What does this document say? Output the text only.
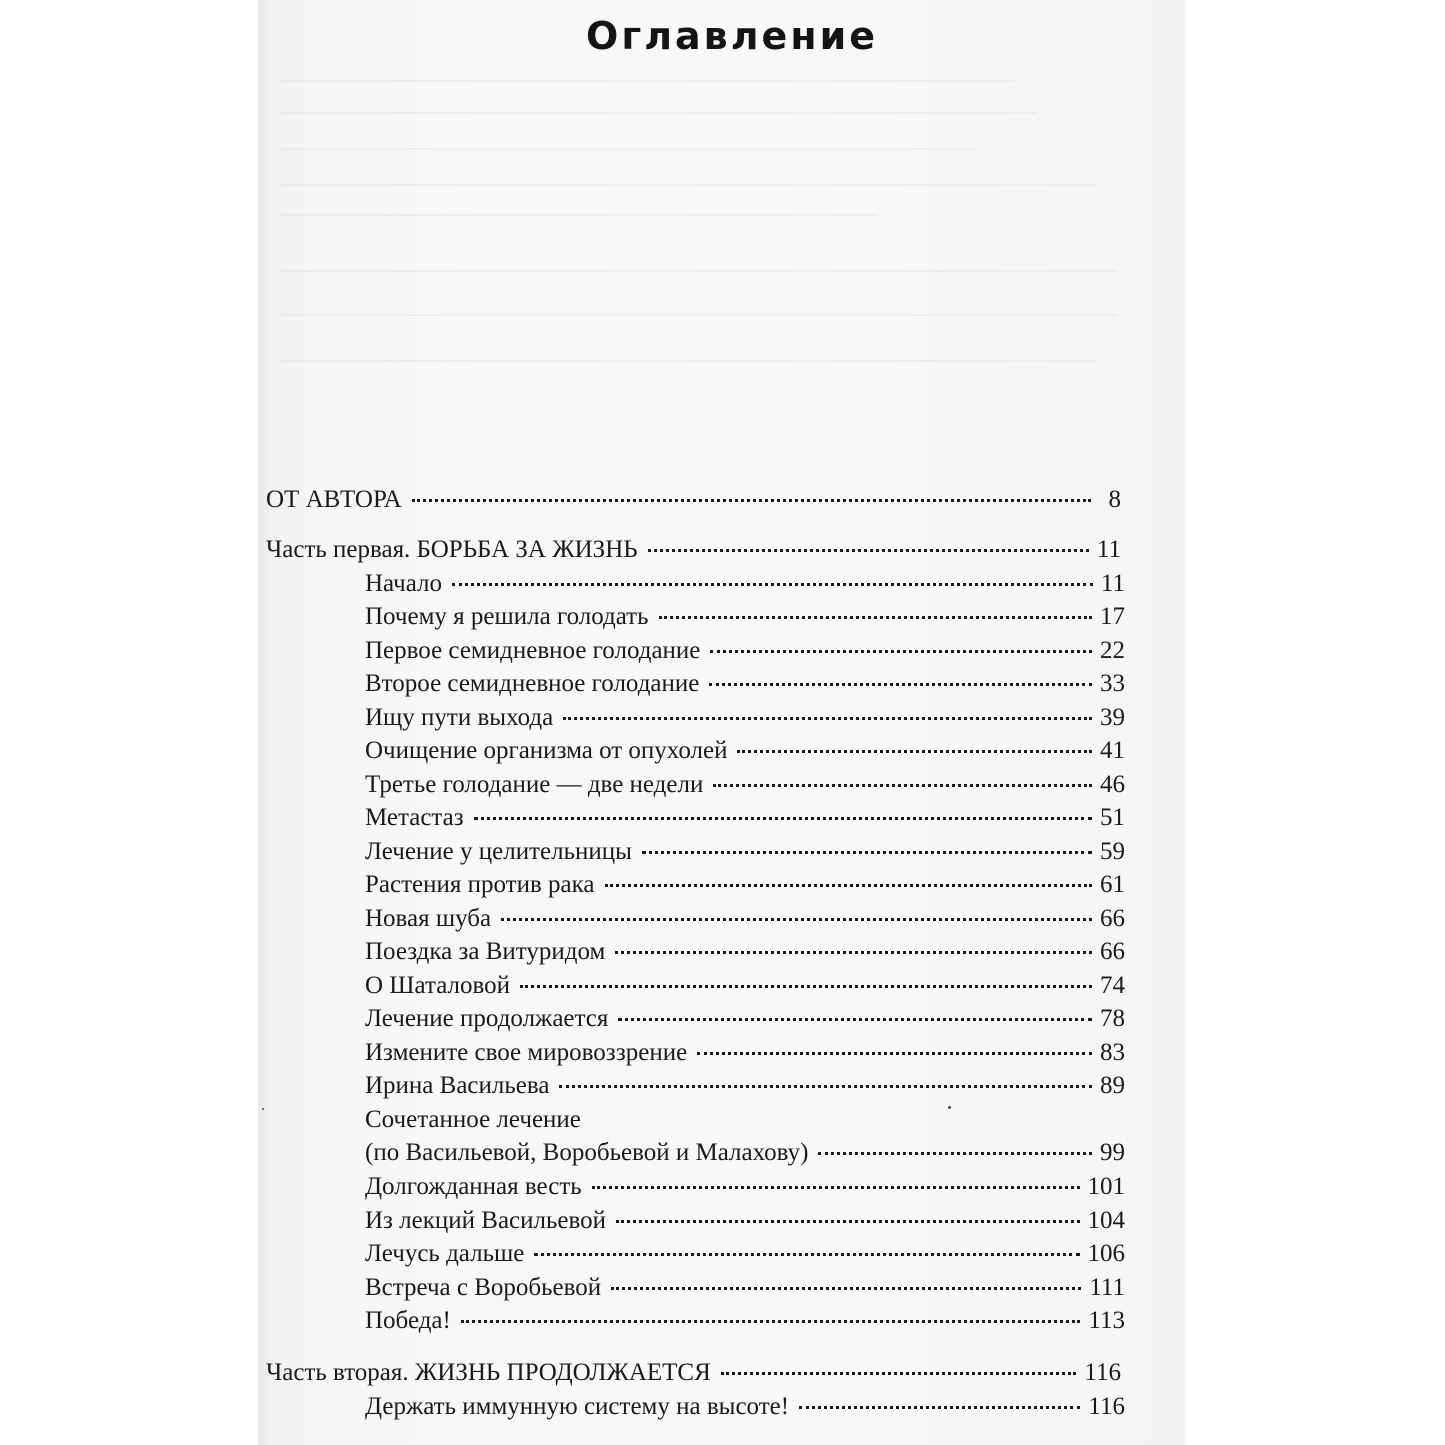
Оглавление
ОТ АВТОРА	8
Часть первая. БОРЬБА ЗА ЖИЗНЬ	11
Начало	11
Почему я решила голодать	17
Первое семидневное голодание	22
Второе семидневное голодание	33
Ищу пути выхода	39
Очищение организма от опухолей	41
Третье голодание — две недели	46
Метастаз	51
Лечение у целительницы	59
Растения против рака	61
Новая шуба	66
Поездка за Витуридом	66
О Шаталовой	74
Лечение продолжается	78
Измените свое мировоззрение	83
Ирина Васильева	89
Сочетанное лечение
(по Васильевой, Воробьевой и Малахову)	99
Долгожданная весть	101
Из лекций Васильевой	104
Лечусь дальше	106
Встреча с Воробьевой	111
Победа!	113
Часть вторая. ЖИЗНЬ ПРОДОЛЖАЕТСЯ	116
Держать иммунную систему на высоте!	116
